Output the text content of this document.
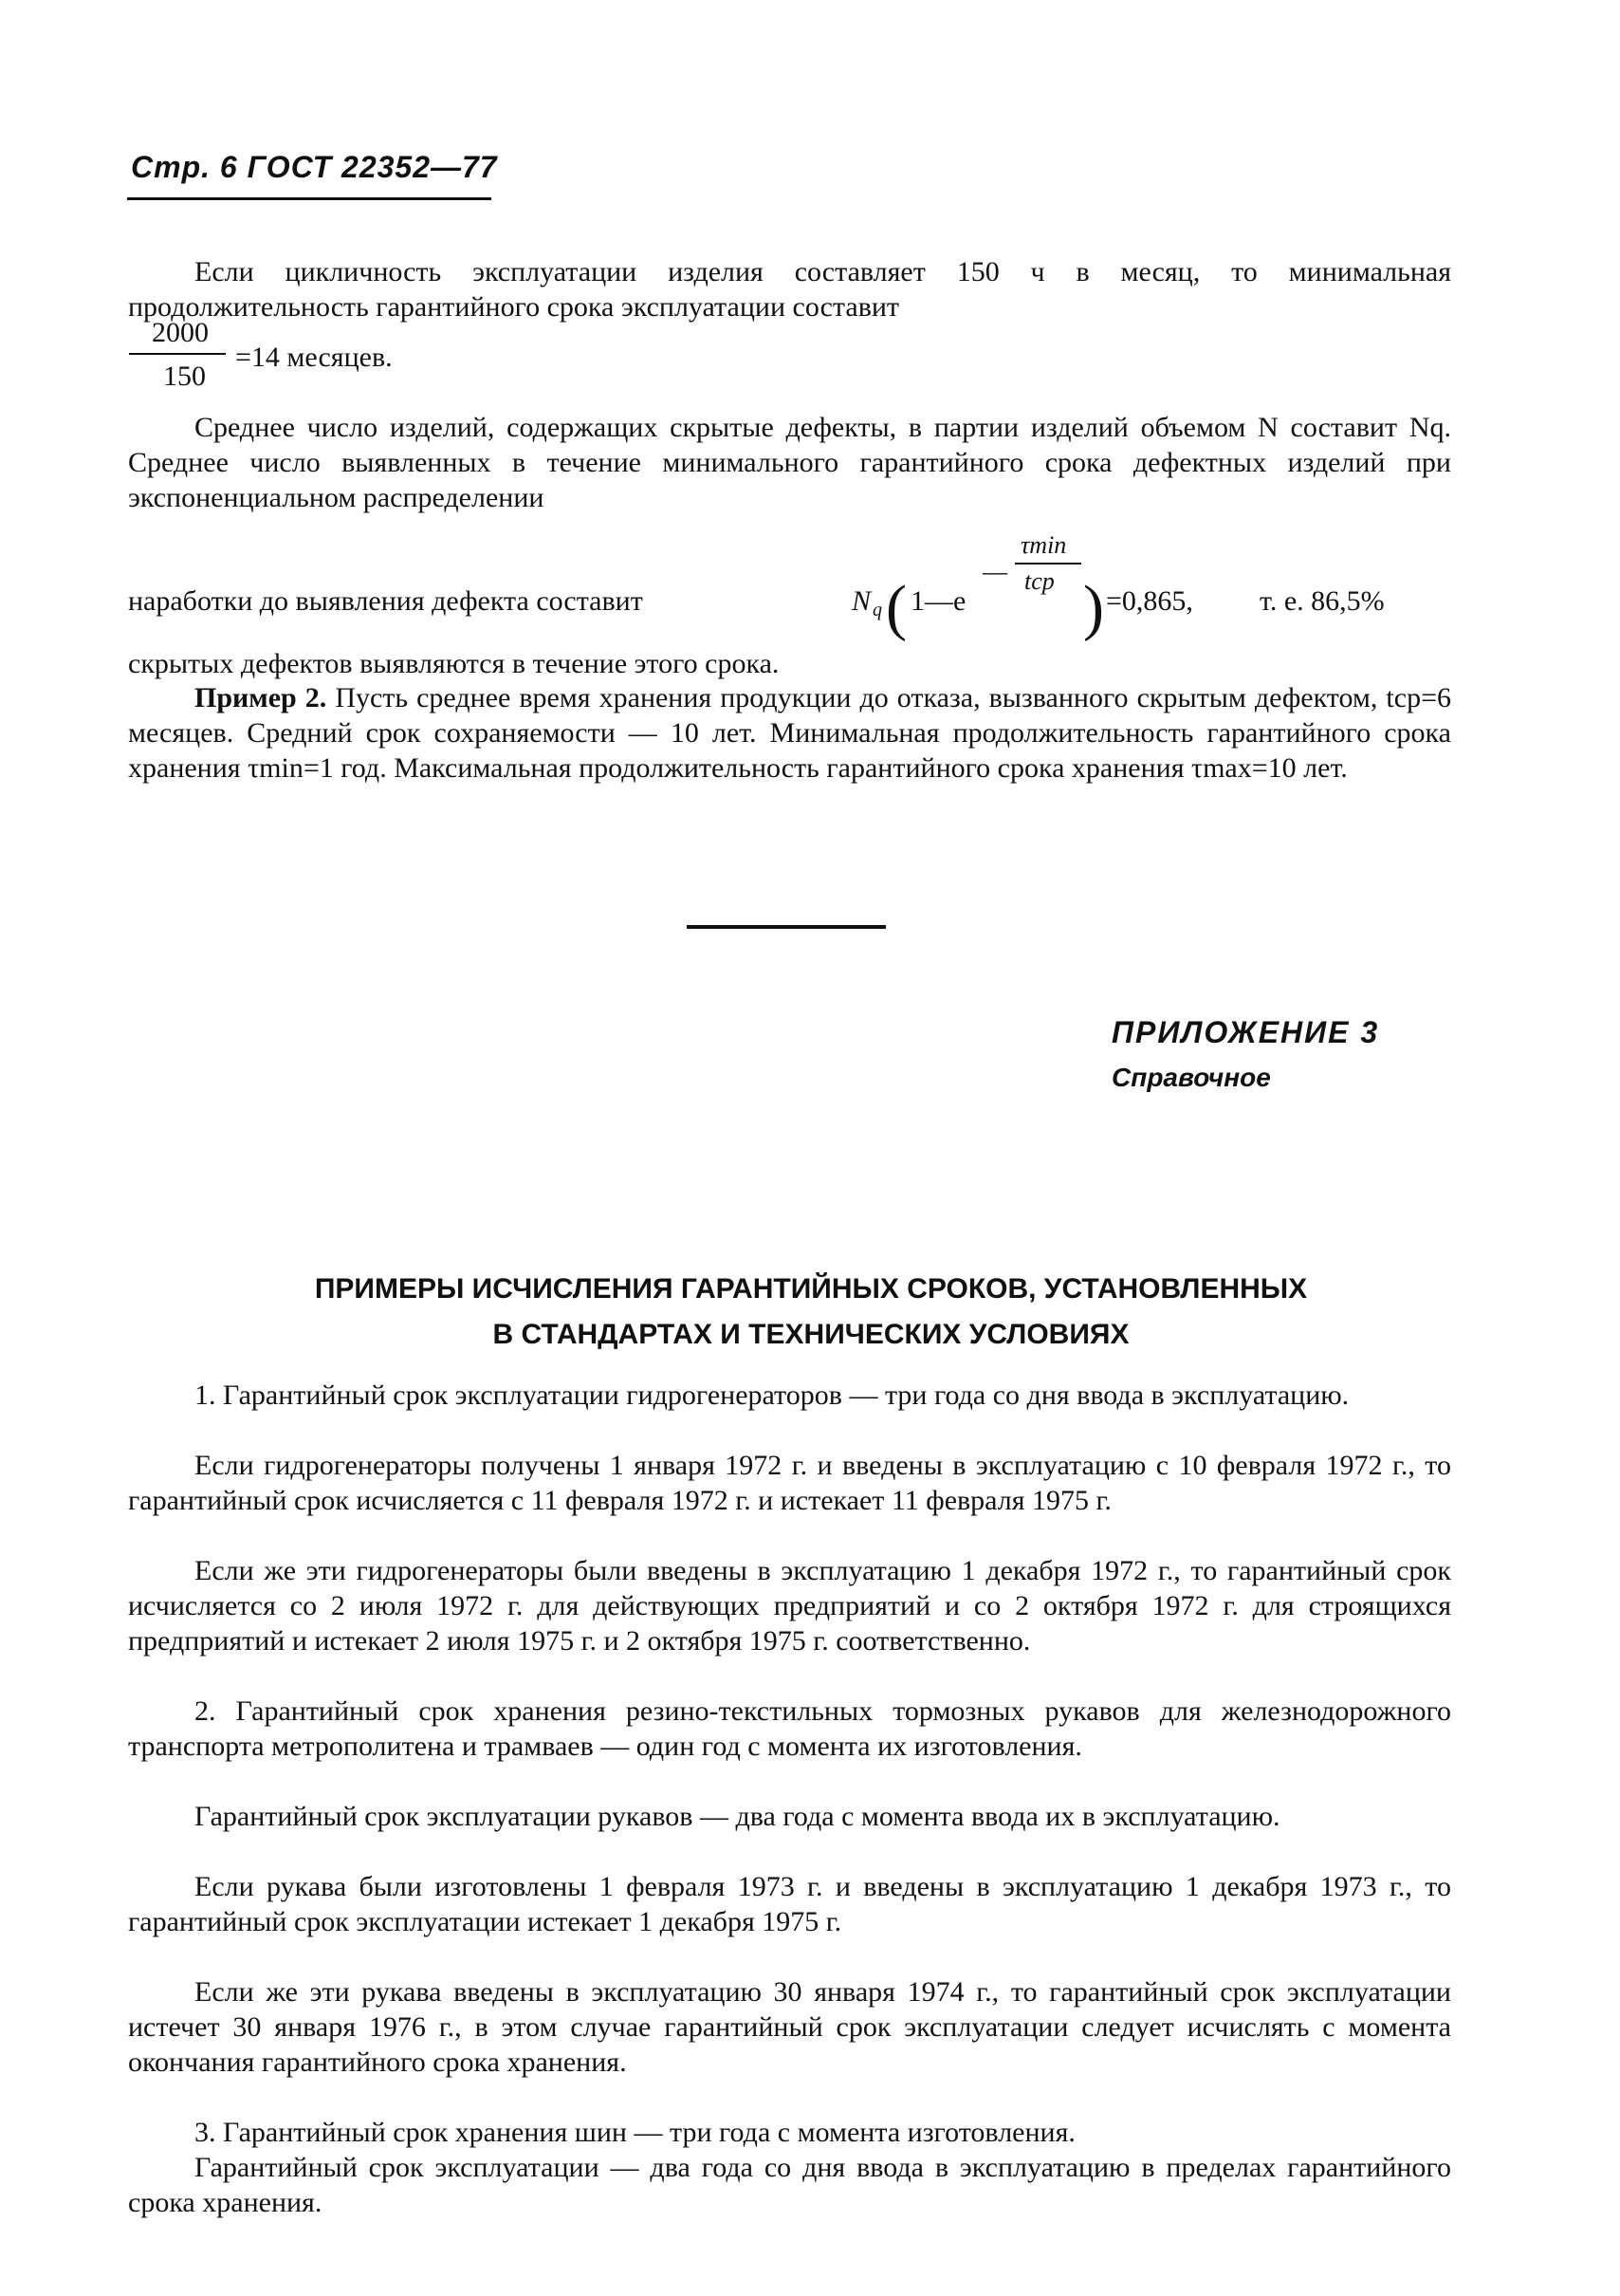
Стр. 6 ГОСТ 22352—77

Если цикличность эксплуатации изделия составляет 150 ч в месяц, то минимальная продолжительность гарантийного срока эксплуатации составит

2000
150
=14 месяцев.

Среднее число изделий, содержащих скрытые дефекты, в партии изделий объемом N составит Nq. Среднее число выявленных в течение минимального гарантийного срока дефектных изделий при экспоненциальном распределении

наработки до выявления дефекта составит	N q ( 1—e
—
τmin
tср ) =0,865, т. е. 86,5%

скрытых дефектов выявляются в течение этого срока.

Пример 2. Пусть среднее время хранения продукции до отказа, вызванного скрытым дефектом, tср=6 месяцев. Средний срок сохраняемости — 10 лет. Минимальная продолжительность гарантийного срока хранения τmin=1 год. Максимальная продолжительность гарантийного срока хранения τmax=10 лет.

ПРИЛОЖЕНИЕ 3
Справочное
ПРИМЕРЫ ИСЧИСЛЕНИЯ ГАРАНТИЙНЫХ СРОКОВ, УСТАНОВЛЕННЫХ
В СТАНДАРТАХ И ТЕХНИЧЕСКИХ УСЛОВИЯХ

1. Гарантийный срок эксплуатации гидрогенераторов — три года со дня ввода в эксплуатацию.

Если гидрогенераторы получены 1 января 1972 г. и введены в эксплуатацию с 10 февраля 1972 г., то гарантийный срок исчисляется с 11 февраля 1972 г. и истекает 11 февраля 1975 г.

Если же эти гидрогенераторы были введены в эксплуатацию 1 декабря 1972 г., то гарантийный срок исчисляется со 2 июля 1972 г. для действующих предприятий и со 2 октября 1972 г. для строящихся предприятий и истекает 2 июля 1975 г. и 2 октября 1975 г. соответственно.

2. Гарантийный срок хранения резино-текстильных тормозных рукавов для железнодорожного транспорта метрополитена и трамваев — один год с момента их изготовления.

Гарантийный срок эксплуатации рукавов — два года с момента ввода их в эксплуатацию.

Если рукава были изготовлены 1 февраля 1973 г. и введены в эксплуатацию 1 декабря 1973 г., то гарантийный срок эксплуатации истекает 1 декабря 1975 г.

Если же эти рукава введены в эксплуатацию 30 января 1974 г., то гарантийный срок эксплуатации истечет 30 января 1976 г., в этом случае гарантийный срок эксплуатации следует исчислять с момента окончания гарантийного срока хранения.

3. Гарантийный срок хранения шин — три года с момента изготовления.

Гарантийный срок эксплуатации — два года со дня ввода в эксплуатацию в пределах гарантийного срока хранения.
